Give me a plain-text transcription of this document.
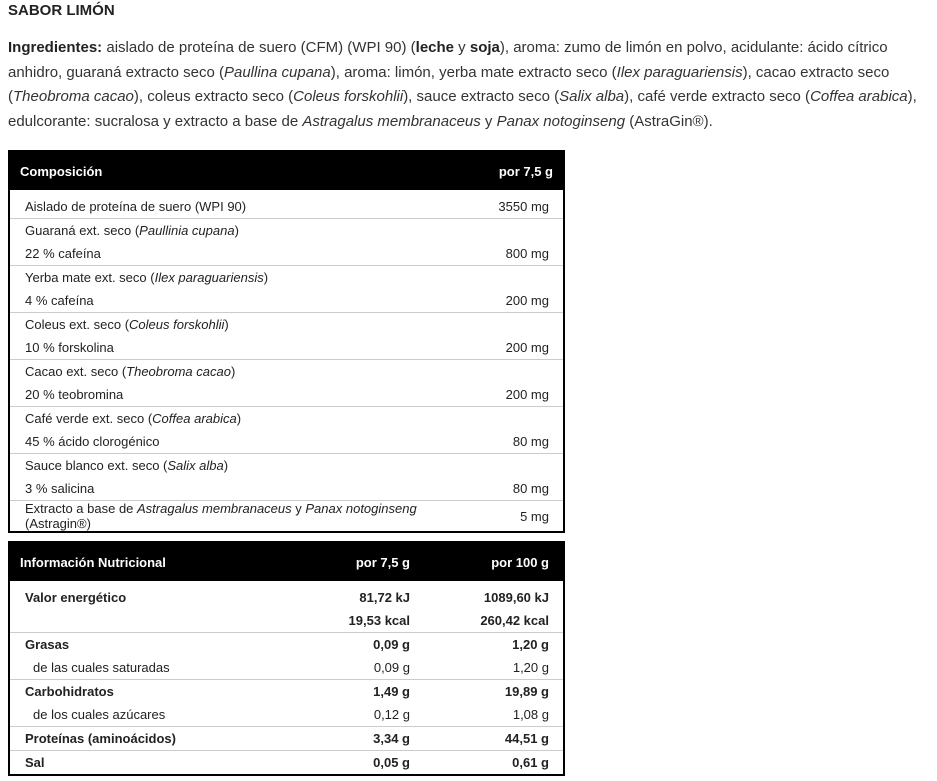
SABOR LIMÓN

Ingredientes: aislado de proteína de suero (CFM) (WPI 90) (leche y soja), aroma: zumo de limón en polvo, acidulante: ácido cítrico anhidro, guaraná extracto seco (Paullina cupana), aroma: limón, yerba mate extracto seco (Ilex paraguariensis), cacao extracto seco (Theobroma cacao), coleus extracto seco (Coleus forskohlii), sauce extracto seco (Salix alba), café verde extracto seco (Coffea arabica), edulcorante: sucralosa y extracto a base de Astragalus membranaceus y Panax notoginseng (AstraGin®).

Composición	por 7,5 g
Aislado de proteína de suero (WPI 90)	3550 mg
Guaraná ext. seco (Paullinia cupana)	
22 % cafeína	800 mg
Yerba mate ext. seco (Ilex paraguariensis)	
4 % cafeína	200 mg
Coleus ext. seco (Coleus forskohlii)	
10 % forskolina	200 mg
Cacao ext. seco (Theobroma cacao)	
20 % teobromina	200 mg
Café verde ext. seco (Coffea arabica)	
45 % ácido clorogénico	80 mg
Sauce blanco ext. seco (Salix alba)	
3 % salicina	80 mg
Extracto a base de Astragalus membranaceus y Panax notoginseng (Astragin®)	5 mg
Información Nutricional	por 7,5 g	por 100 g
Valor energético	81,72 kJ	1089,60 kJ
	19,53 kcal	260,42 kcal
Grasas	0,09 g	1,20 g
de las cuales saturadas	0,09 g	1,20 g
Carbohidratos	1,49 g	19,89 g
de los cuales azúcares	0,12 g	1,08 g
Proteínas (aminoácidos)	3,34 g	44,51 g
Sal	0,05 g	0,61 g
